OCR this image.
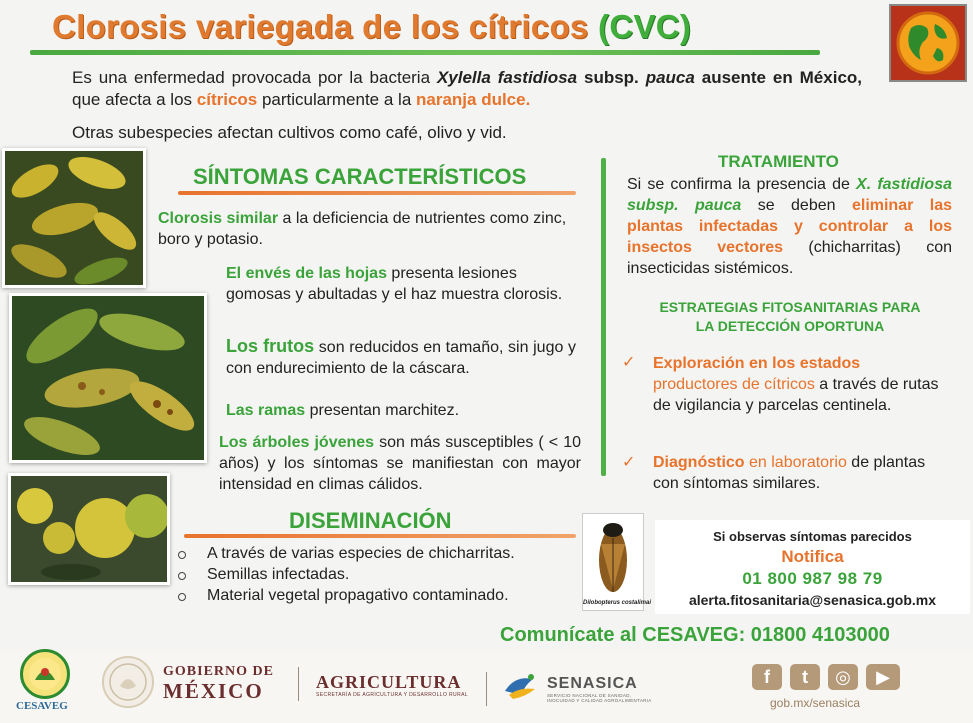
Clorosis variegada de los cítricos (CVC)
Es una enfermedad provocada por la bacteria Xylella fastidiosa subsp. pauca ausente en México, que afecta a los cítricos particularmente a la naranja dulce.
Otras subespecies afectan cultivos como café, olivo y vid.
SÍNTOMAS CARACTERÍSTICOS
Clorosis similar a la deficiencia de nutrientes como zinc, boro y potasio.
El envés de las hojas presenta lesiones gomosas y abultadas y el haz muestra clorosis.
Los frutos son reducidos en tamaño, sin jugo y con endurecimiento de la cáscara.
Las ramas presentan marchitez.
Los árboles jóvenes son más susceptibles ( < 10 años) y los síntomas se manifiestan con mayor intensidad en climas cálidos.
DISEMINACIÓN
A través de varias especies de chicharritas.
Semillas infectadas.
Material vegetal propagativo contaminado.
TRATAMIENTO
Si se confirma la presencia de X. fastidiosa subsp. pauca se deben eliminar las plantas infectadas y controlar a los insectos vectores (chicharritas) con insecticidas sistémicos.
ESTRATEGIAS FITOSANITARIAS PARA
LA DETECCIÓN OPORTUNA
✓ Exploración en los estados
productores de cítricos a través de rutas de vigilancia y parcelas centinela.
✓ Diagnóstico en laboratorio de plantas con síntomas similares.
Dilobopterus costalimai
Si observas síntomas parecidos
Notifica
01 800 987 98 79
alerta.fitosanitaria@senasica.gob.mx
Comunícate al CESAVEG: 01800 4103000
CESAVEG
GOBIERNO DE
MÉXICO	AGRICULTURA
SECRETARÍA DE AGRICULTURA Y DESARROLLO RURAL
SENASICA
SERVICIO NACIONAL DE SANIDAD, INOCUIDAD Y CALIDAD AGROALIMENTARIA
f	t	◎	▶
gob.mx/senasica
